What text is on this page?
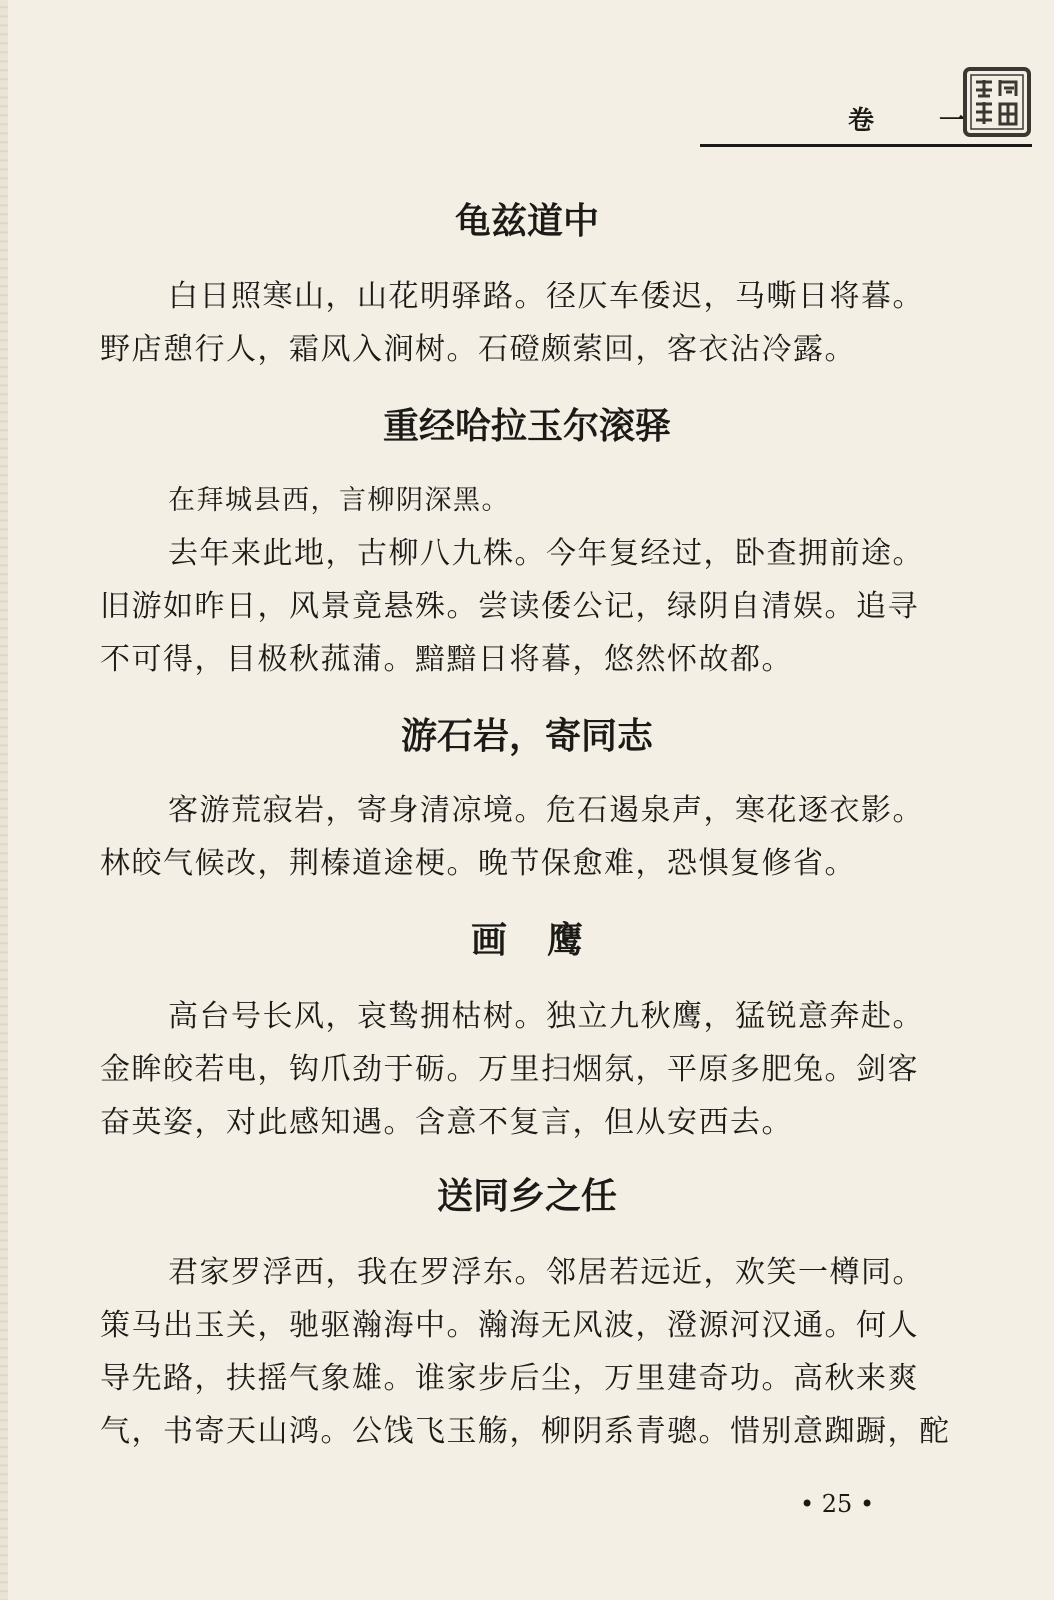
卷 一
龟兹道中
白日照寒山，山花明驿路。径仄车倭迟，马嘶日将暮。
野店憩行人，霜风入涧树。石磴颇萦回，客衣沾冷露。
重经哈拉玉尔滚驿
在拜城县西，言柳阴深黑。
去年来此地，古柳八九株。今年复经过，卧查拥前途。
旧游如昨日，风景竟悬殊。尝读倭公记，绿阴自清娱。追寻
不可得，目极秋菰蒲。黯黯日将暮，悠然怀故都。
游石岩，寄同志
客游荒寂岩，寄身清凉境。危石遏泉声，寒花逐衣影。
林皎气候改，荆榛道途梗。晚节保愈难，恐惧复修省。
画鹰
高台号长风，哀鸷拥枯树。独立九秋鹰，猛锐意奔赴。
金眸皎若电，钩爪劲于砺。万里扫烟氛，平原多肥兔。剑客
奋英姿，对此感知遇。含意不复言，但从安西去。
送同乡之任
君家罗浮西，我在罗浮东。邻居若远近，欢笑一樽同。
策马出玉关，驰驱瀚海中。瀚海无风波，澄源河汉通。何人
导先路，扶摇气象雄。谁家步后尘，万里建奇功。高秋来爽
气，书寄天山鸿。公饯飞玉觞，柳阴系青骢。惜别意踟蹰，酡
• 25 •
